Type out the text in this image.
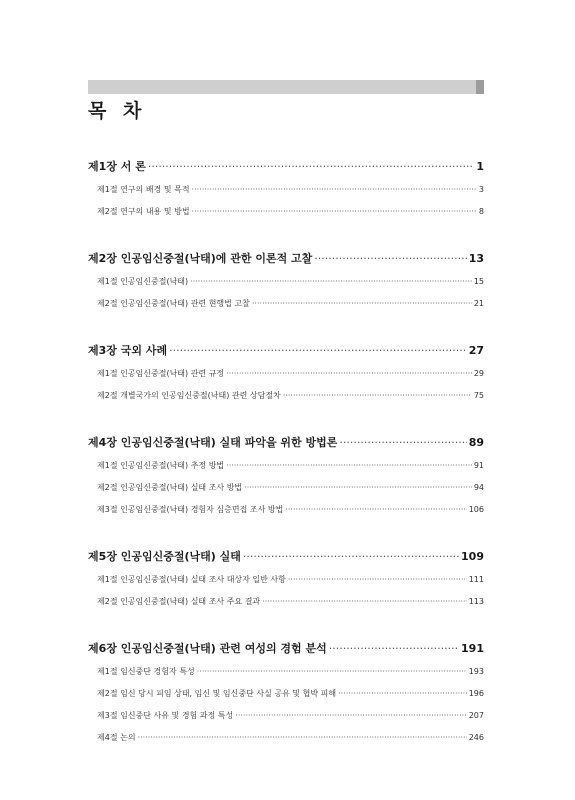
목 차
제1장 서 론 ·····	1
제1절 연구의 배경 및 목적 ·····	3
제2절 연구의 내용 및 방법 ·····	8
제2장 인공임신중절(낙태)에 관한 이론적 고찰 ·····	13
제1절 인공임신중절(낙태) ·····	15
제2절 인공임신중절(낙태) 관련 현행법 고찰 ·····	21
제3장 국외 사례 ·····	27
제1절 인공임신중절(낙태) 관련 규정 ·····	29
제2절 개별국가의 인공임신중절(낙태) 관련 상담절차 ·····	75
제4장 인공임신중절(낙태) 실태 파악을 위한 방법론 ·····	89
제1절 인공임신중절(낙태) 추정 방법 ·····	91
제2절 인공임신중절(낙태) 실태 조사 방법 ·····	94
제3절 인공임신중절(낙태) 경험자 심층면접 조사 방법 ·····	106
제5장 인공임신중절(낙태) 실태 ·····	109
제1절 인공임신중절(낙태) 실태 조사 대상자 일반 사항 ·····	111
제2절 인공임신중절(낙태) 실태 조사 주요 결과 ·····	113
제6장 인공임신중절(낙태) 관련 여성의 경험 분석 ·····	191
제1절 임신중단 경험자 특성 ·····	193
제2절 임신 당시 피임 상태, 임신 및 임신중단 사실 공유 및 협박 피해 ·····	196
제3절 임신중단 사유 및 경험 과정 특성 ·····	207
제4절 논의 ·····	246
